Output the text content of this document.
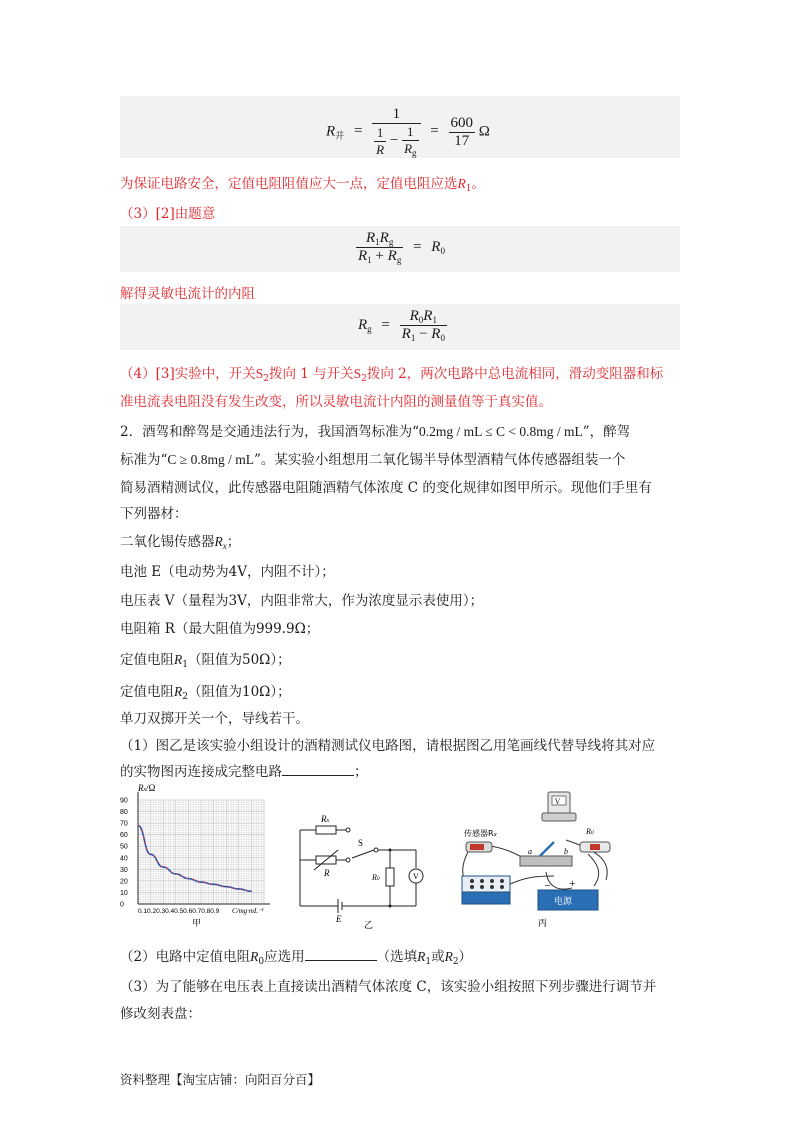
$R_并 = \frac{1}{\frac{1}{R} - \frac{1}{R_g}} = \frac{600}{17}$ Ω
为保证电路安全，定值电阻阻值应大一点，定值电阻应选$R_1$。
（3）[2]由题意
$\frac{R_1R_g}{R_1 + R_g} = R_0$
解得灵敏电流计的内阻
$R_g = \frac{R_0R_1}{R_1 - R_0}$
（4）[3]实验中，开关$S_2$拨向 1 与开关$S_2$拨向 2，两次电路中总电流相同，滑动变阻器和标
准电流表电阻没有发生改变，所以灵敏电流计内阻的测量值等于真实值。
2．酒驾和醉驾是交通违法行为，我国酒驾标准为“0.2mg / mL ≤ C < 0.8mg / mL”，醉驾
标准为“C ≥ 0.8mg / mL”。某实验小组想用二氧化锡半导体型酒精气体传感器组装一个
简易酒精测试仪，此传感器电阻随酒精气体浓度 C 的变化规律如图甲所示。现他们手里有
下列器材：
二氧化锡传感器$R_x$；
电池 E（电动势为4V，内阻不计）；
电压表 V（量程为3V，内阻非常大，作为浓度显示表使用）；
电阻箱 R（最大阻值为999.9Ω；
定值电阻$R_1$（阻值为50Ω）；
定值电阻$R_2$（阻值为10Ω）；
单刀双掷开关一个，导线若干。
（1）图乙是该实验小组设计的酒精测试仪电路图，请根据图乙用笔画线代替导线将其对应
的实物图丙连接成完整电路	；
Rx/Ω
90
80
70
60
50
40
30
20
10
0
0.10.20.30.40.50.60.70.80.9 C/mg·mL⁻¹
甲
Rx
S
R	R0	V
E
乙
V
传感器Rx	R0
a	b
− +
电源
丙
（2）电路中定值电阻$R_0$应选用	（选填$R_1$或$R_2$）
（3）为了能够在电压表上直接读出酒精气体浓度 C，该实验小组按照下列步骤进行调节并
修改刻表盘：
资料整理【淘宝店铺：向阳百分百】
